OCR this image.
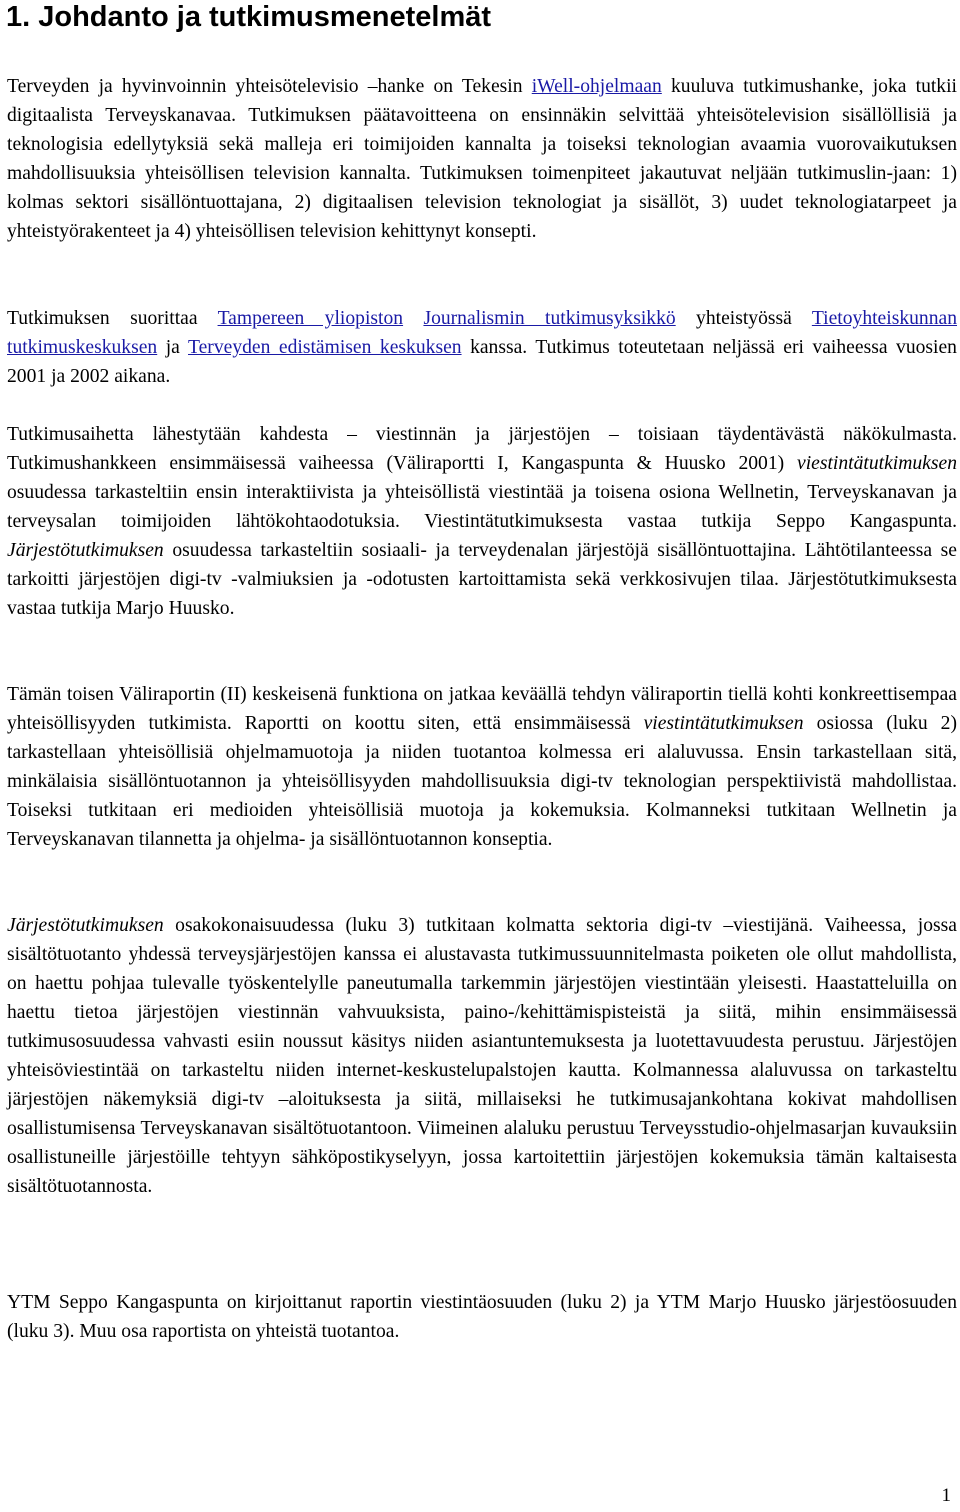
1. Johdanto ja tutkimusmenetelmät

Terveyden ja hyvinvoinnin yhteisötelevisio –hanke on Tekesin iWell-ohjelmaan kuuluva tutkimushanke, joka tutkii digitaalista Terveyskanavaa. Tutkimuksen päätavoitteena on ensinnäkin selvittää yhteisötelevision sisällöllisiä ja teknologisia edellytyksiä sekä malleja eri toimijoiden kannalta ja toiseksi teknologian avaamia vuorovaikutuksen mahdollisuuksia yhteisöllisen television kannalta. Tutkimuksen toimenpiteet jakautuvat neljään tutkimuslin-jaan: 1) kolmas sektori sisällöntuottajana, 2) digitaalisen television teknologiat ja sisällöt, 3) uudet teknologiatarpeet ja yhteistyörakenteet ja 4) yhteisöllisen television kehittynyt konsepti.

Tutkimuksen suorittaa Tampereen yliopiston Journalismin tutkimusyksikkö yhteistyössä Tietoyhteiskunnan tutkimuskeskuksen ja Terveyden edistämisen keskuksen kanssa. Tutkimus toteutetaan neljässä eri vaiheessa vuosien 2001 ja 2002 aikana.

Tutkimusaihetta lähestytään kahdesta – viestinnän ja järjestöjen – toisiaan täydentävästä näkökulmasta. Tutkimushankkeen ensimmäisessä vaiheessa (Väliraportti I, Kangaspunta & Huusko 2001) viestintätutkimuksen osuudessa tarkasteltiin ensin interaktiivista ja yhteisöllistä viestintää ja toisena osiona Wellnetin, Terveyskanavan ja terveysalan toimijoiden lähtökohtaodotuksia. Viestintätutkimuksesta vastaa tutkija Seppo Kangaspunta. Järjestötutkimuksen osuudessa tarkasteltiin sosiaali- ja terveydenalan järjestöjä sisällöntuottajina. Lähtötilanteessa se tarkoitti järjestöjen digi-tv -valmiuksien ja -odotusten kartoittamista sekä verkkosivujen tilaa. Järjestötutkimuksesta vastaa tutkija Marjo Huusko.

Tämän toisen Väliraportin (II) keskeisenä funktiona on jatkaa keväällä tehdyn väliraportin tiellä kohti konkreettisempaa yhteisöllisyyden tutkimista. Raportti on koottu siten, että ensimmäisessä viestintätutkimuksen osiossa (luku 2) tarkastellaan yhteisöllisiä ohjelmamuotoja ja niiden tuotantoa kolmessa eri alaluvussa. Ensin tarkastellaan sitä, minkälaisia sisällöntuotannon ja yhteisöllisyyden mahdollisuuksia digi-tv teknologian perspektiivistä mahdollistaa. Toiseksi tutkitaan eri medioiden yhteisöllisiä muotoja ja kokemuksia. Kolmanneksi tutkitaan Wellnetin ja Terveyskanavan tilannetta ja ohjelma- ja sisällöntuotannon konseptia.

Järjestötutkimuksen osakokonaisuudessa (luku 3) tutkitaan kolmatta sektoria digi-tv –viestijänä. Vaiheessa, jossa sisältötuotanto yhdessä terveysjärjestöjen kanssa ei alustavasta tutkimussuunnitelmasta poiketen ole ollut mahdollista, on haettu pohjaa tulevalle työskentelylle paneutumalla tarkemmin järjestöjen viestintään yleisesti. Haastatteluilla on haettu tietoa järjestöjen viestinnän vahvuuksista, paino-/kehittämispisteistä ja siitä, mihin ensimmäisessä tutkimusosuudessa vahvasti esiin noussut käsitys niiden asiantuntemuksesta ja luotettavuudesta perustuu. Järjestöjen yhteisöviestintää on tarkasteltu niiden internet-keskustelupalstojen kautta. Kolmannessa alaluvussa on tarkasteltu järjestöjen näkemyksiä digi-tv –aloituksesta ja siitä, millaiseksi he tutkimusajankohtana kokivat mahdollisen osallistumisensa Terveyskanavan sisältötuotantoon. Viimeinen alaluku perustuu Terveysstudio-ohjelmasarjan kuvauksiin osallistuneille järjestöille tehtyyn sähköpostikyselyyn, jossa kartoitettiin järjestöjen kokemuksia tämän kaltaisesta sisältötuotannosta.

YTM Seppo Kangaspunta on kirjoittanut raportin viestintäosuuden (luku 2) ja YTM Marjo Huusko järjestöosuuden (luku 3). Muu osa raportista on yhteistä tuotantoa.

1
